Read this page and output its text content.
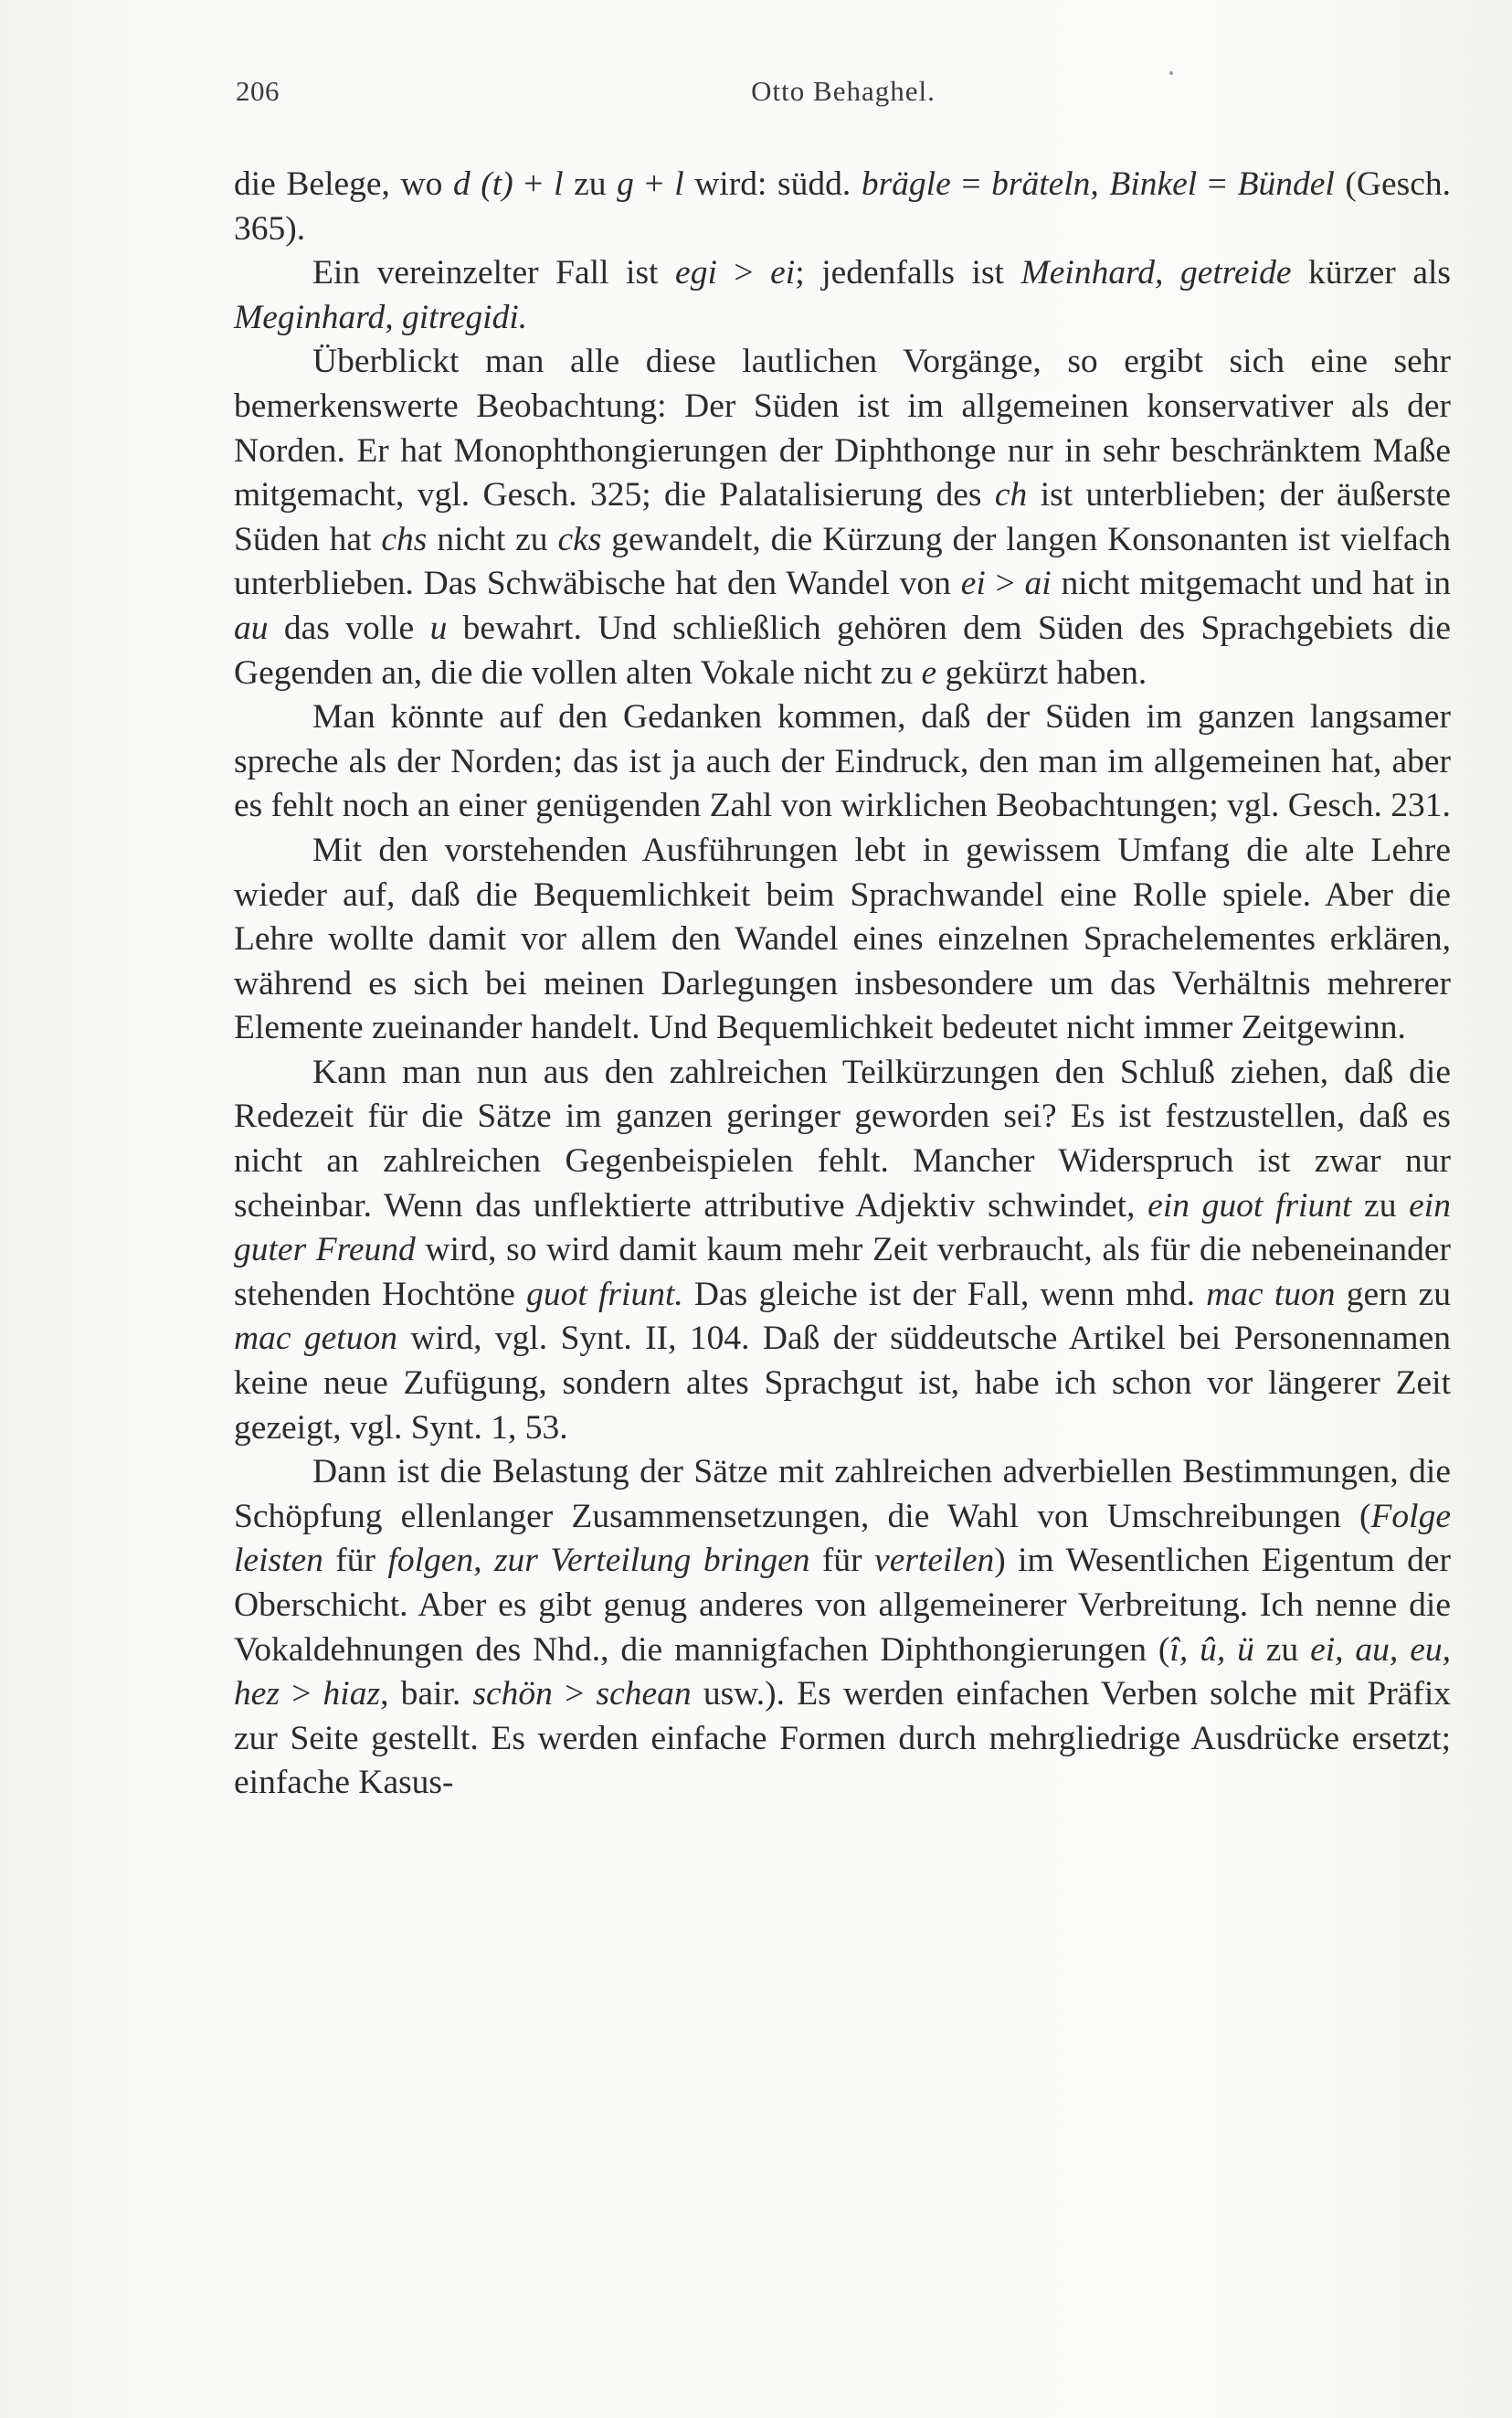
206	Otto Behaghel.

die Belege, wo d (t) + l zu g + l wird: südd. brägle = bräteln, Binkel = Bündel (Gesch. 365).

Ein vereinzelter Fall ist egi > ei; jedenfalls ist Meinhard, getreide kürzer als Meginhard, gitregidi.

Überblickt man alle diese lautlichen Vorgänge, so ergibt sich eine sehr bemerkenswerte Beobachtung: Der Süden ist im allgemeinen konservativer als der Norden. Er hat Monophthongierungen der Diphthonge nur in sehr beschränktem Maße mitgemacht, vgl. Gesch. 325; die Palatalisierung des ch ist unterblieben; der äußerste Süden hat chs nicht zu cks gewandelt, die Kürzung der langen Konsonanten ist vielfach unterblieben. Das Schwäbische hat den Wandel von ei > ai nicht mitgemacht und hat in au das volle u bewahrt. Und schließlich gehören dem Süden des Sprachgebiets die Gegenden an, die die vollen alten Vokale nicht zu e gekürzt haben.

Man könnte auf den Gedanken kommen, daß der Süden im ganzen langsamer spreche als der Norden; das ist ja auch der Eindruck, den man im allgemeinen hat, aber es fehlt noch an einer genügenden Zahl von wirklichen Beobachtungen; vgl. Gesch. 231.

Mit den vorstehenden Ausführungen lebt in gewissem Umfang die alte Lehre wieder auf, daß die Bequemlichkeit beim Sprachwandel eine Rolle spiele. Aber die Lehre wollte damit vor allem den Wandel eines einzelnen Sprachelementes erklären, während es sich bei meinen Darlegungen insbesondere um das Verhältnis mehrerer Elemente zueinander handelt. Und Bequemlichkeit bedeutet nicht immer Zeitgewinn.

Kann man nun aus den zahlreichen Teilkürzungen den Schluß ziehen, daß die Redezeit für die Sätze im ganzen geringer geworden sei? Es ist festzustellen, daß es nicht an zahlreichen Gegenbeispielen fehlt. Mancher Widerspruch ist zwar nur scheinbar. Wenn das unflektierte attributive Adjektiv schwindet, ein guot friunt zu ein guter Freund wird, so wird damit kaum mehr Zeit verbraucht, als für die nebeneinander stehenden Hochtöne guot friunt. Das gleiche ist der Fall, wenn mhd. mac tuon gern zu mac getuon wird, vgl. Synt. II, 104. Daß der süddeutsche Artikel bei Personennamen keine neue Zufügung, sondern altes Sprachgut ist, habe ich schon vor längerer Zeit gezeigt, vgl. Synt. 1, 53.

Dann ist die Belastung der Sätze mit zahlreichen adverbiellen Bestimmungen, die Schöpfung ellenlanger Zusammensetzungen, die Wahl von Umschreibungen (Folge leisten für folgen, zur Verteilung bringen für verteilen) im Wesentlichen Eigentum der Oberschicht. Aber es gibt genug anderes von allgemeinerer Verbreitung. Ich nenne die Vokaldehnungen des Nhd., die mannigfachen Diphthongierungen (î, û, ü zu ei, au, eu, hez > hiaz, bair. schön > schean usw.). Es werden einfachen Verben solche mit Präfix zur Seite gestellt. Es werden einfache Formen durch mehrgliedrige Ausdrücke ersetzt; einfache Kasus-
